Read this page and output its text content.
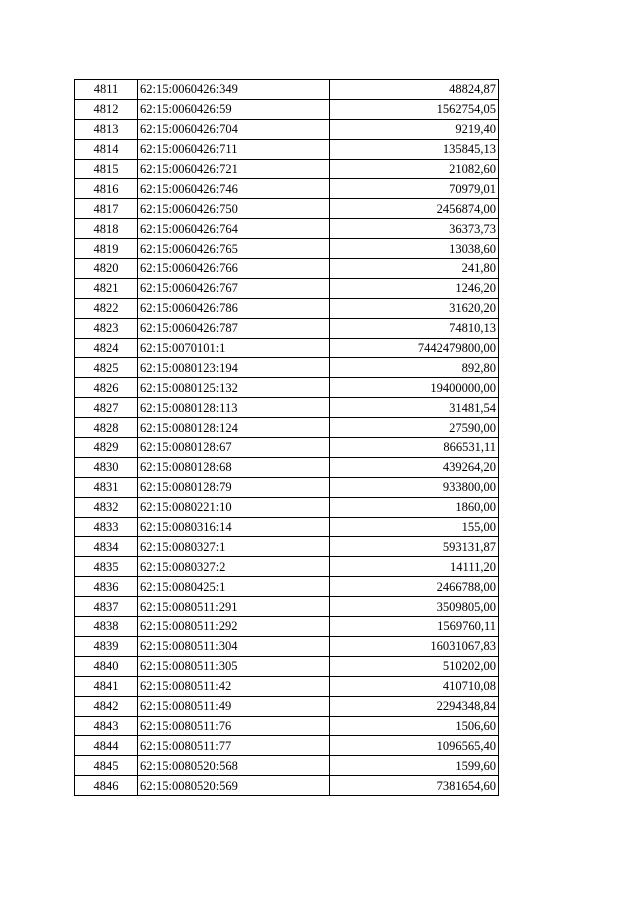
4811	62:15:0060426:349	48824,87
4812	62:15:0060426:59	1562754,05
4813	62:15:0060426:704	9219,40
4814	62:15:0060426:711	135845,13
4815	62:15:0060426:721	21082,60
4816	62:15:0060426:746	70979,01
4817	62:15:0060426:750	2456874,00
4818	62:15:0060426:764	36373,73
4819	62:15:0060426:765	13038,60
4820	62:15:0060426:766	241,80
4821	62:15:0060426:767	1246,20
4822	62:15:0060426:786	31620,20
4823	62:15:0060426:787	74810,13
4824	62:15:0070101:1	7442479800,00
4825	62:15:0080123:194	892,80
4826	62:15:0080125:132	19400000,00
4827	62:15:0080128:113	31481,54
4828	62:15:0080128:124	27590,00
4829	62:15:0080128:67	866531,11
4830	62:15:0080128:68	439264,20
4831	62:15:0080128:79	933800,00
4832	62:15:0080221:10	1860,00
4833	62:15:0080316:14	155,00
4834	62:15:0080327:1	593131,87
4835	62:15:0080327:2	14111,20
4836	62:15:0080425:1	2466788,00
4837	62:15:0080511:291	3509805,00
4838	62:15:0080511:292	1569760,11
4839	62:15:0080511:304	16031067,83
4840	62:15:0080511:305	510202,00
4841	62:15:0080511:42	410710,08
4842	62:15:0080511:49	2294348,84
4843	62:15:0080511:76	1506,60
4844	62:15:0080511:77	1096565,40
4845	62:15:0080520:568	1599,60
4846	62:15:0080520:569	7381654,60
